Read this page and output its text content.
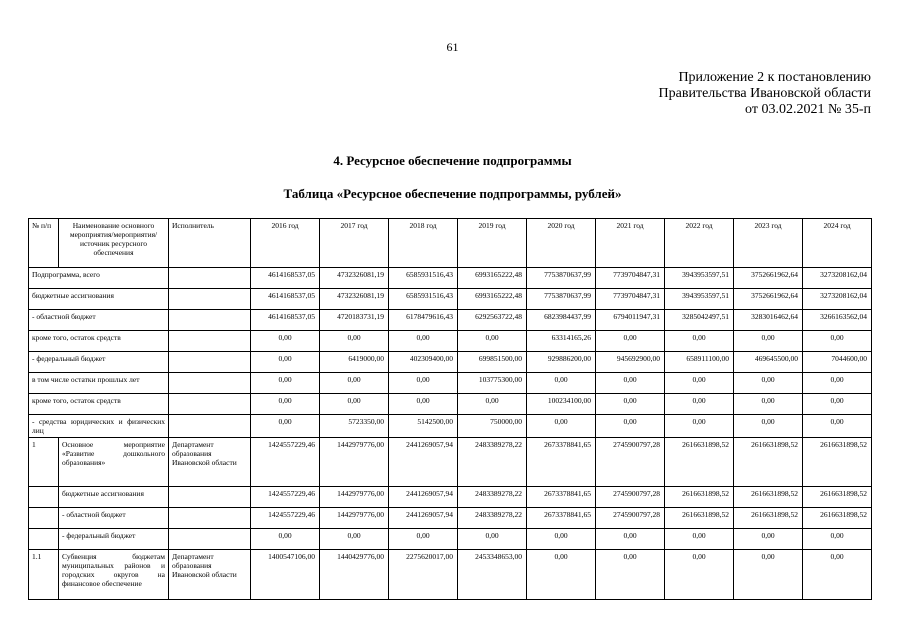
61
Приложение 2 к постановлению
Правительства Ивановской области
от 03.02.2021 № 35-п
4. Ресурсное обеспечение подпрограммы
Таблица «Ресурсное обеспечение подпрограммы, рублей»
№ п/п	Наименование основного мероприятия/мероприятия/ источник ресурсного обеспечения	Исполнитель	2016 год	2017 год	2018 год	2019 год	2020 год	2021 год	2022 год	2023 год	2024 год
Подпрограмма, всего			4614168537,05	4732326081,19	6585931516,43	6993165222,48	7753870637,99	7739704847,31	3943953597,51	3752661962,64	3273208162,04
бюджетные ассигнования			4614168537,05	4732326081,19	6585931516,43	6993165222,48	7753870637,99	7739704847,31	3943953597,51	3752661962,64	3273208162,04
- областной бюджет			4614168537,05	4720183731,19	6178479616,43	6292563722,48	6823984437,99	6794011947,31	3285042497,51	3283016462,64	3266163562,04
кроме того, остаток средств			0,00	0,00	0,00	0,00	63314165,26	0,00	0,00	0,00	0,00
- федеральный бюджет			0,00	6419000,00	402309400,00	699851500,00	929886200,00	945692900,00	658911100,00	469645500,00	7044600,00
в том числе остатки прошлых лет			0,00	0,00	0,00	103775300,00	0,00	0,00	0,00	0,00	0,00
кроме того, остаток средств			0,00	0,00	0,00	0,00	100234100,00	0,00	0,00	0,00	0,00
- средства юридических и физических лиц			0,00	5723350,00	5142500,00	750000,00	0,00	0,00	0,00	0,00	0,00
1	Основное мероприятие «Развитие дошкольного образования»	Департамент образования Ивановской области	1424557229,46	1442979776,00	2441269057,94	2483389278,22	2673378841,65	2745900797,28	2616631898,52	2616631898,52	2616631898,52
	бюджетные ассигнования		1424557229,46	1442979776,00	2441269057,94	2483389278,22	2673378841,65	2745900797,28	2616631898,52	2616631898,52	2616631898,52
	- областной бюджет		1424557229,46	1442979776,00	2441269057,94	2483389278,22	2673378841,65	2745900797,28	2616631898,52	2616631898,52	2616631898,52
	- федеральный бюджет		0,00	0,00	0,00	0,00	0,00	0,00	0,00	0,00	0,00
1.1	Субвенция бюджетам муниципальных районов и городских округов на финансовое обеспечение	Департамент образования Ивановской области	1400547106,00	1440429776,00	2275620017,00	2453348653,00	0,00	0,00	0,00	0,00	0,00
